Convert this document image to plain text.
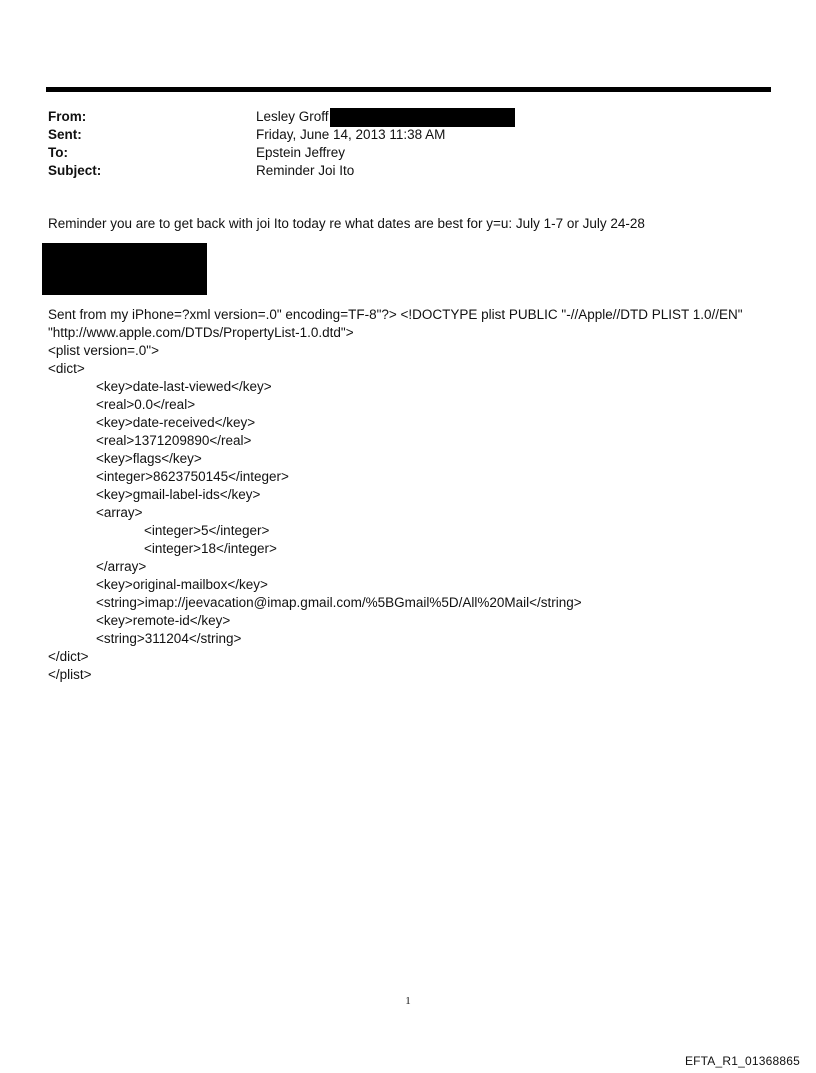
From:	Lesley Groff
Sent:	Friday, June 14, 2013 11:38 AM
To:	Epstein Jeffrey
Subject:	Reminder Joi Ito
Reminder you are to get back with joi Ito today re what dates are best for y=u: July 1-7 or July 24-28
Sent from my iPhone=?xml version=.0" encoding=TF-8"?> <!DOCTYPE plist PUBLIC "-//Apple//DTD PLIST 1.0//EN"
"http://www.apple.com/DTDs/PropertyList-1.0.dtd">
<plist version=.0">
<dict>
<key>date-last-viewed</key>
<real>0.0</real>
<key>date-received</key>
<real>1371209890</real>
<key>flags</key>
<integer>8623750145</integer>
<key>gmail-label-ids</key>
<array>
<integer>5</integer>
<integer>18</integer>
</array>
<key>original-mailbox</key>
<string>imap://jeevacation@imap.gmail.com/%5BGmail%5D/All%20Mail</string>
<key>remote-id</key>
<string>311204</string>
</dict>
</plist>
1
EFTA_R1_01368865
